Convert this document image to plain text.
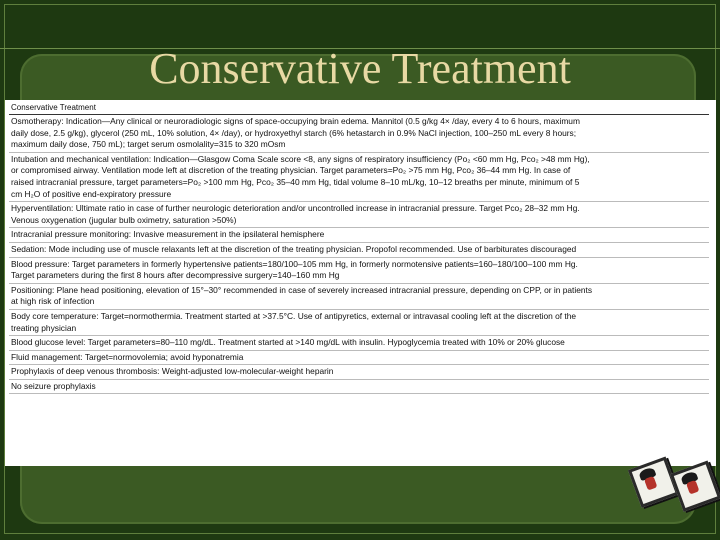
Conservative Treatment
Conservative Treatment
Osmotherapy: Indication—Any clinical or neuroradiologic signs of space-occupying brain edema. Mannitol (0.5 g/kg 4× /day, every 4 to 6 hours, maximum
daily dose, 2.5 g/kg), glycerol (250 mL, 10% solution, 4× /day), or hydroxyethyl starch (6% hetastarch in 0.9% NaCl injection, 100–250 mL every 8 hours;
maximum daily dose, 750 mL); target serum osmolality=315 to 320 mOsm
Intubation and mechanical ventilation: Indication—Glasgow Coma Scale score <8, any signs of respiratory insufficiency (Po₂ <60 mm Hg, Pco₂ >48 mm Hg),
or compromised airway. Ventilation mode left at discretion of the treating physician. Target parameters=Po₂ >75 mm Hg, Pco₂ 36–44 mm Hg. In case of
raised intracranial pressure, target parameters=Po₂ >100 mm Hg, Pco₂ 35–40 mm Hg, tidal volume 8–10 mL/kg, 10–12 breaths per minute, minimum of 5
cm H₂O of positive end-expiratory pressure
Hyperventilation: Ultimate ratio in case of further neurologic deterioration and/or uncontrolled increase in intracranial pressure. Target Pco₂ 28–32 mm Hg.
Venous oxygenation (jugular bulb oximetry, saturation >50%)
Intracranial pressure monitoring: Invasive measurement in the ipsilateral hemisphere
Sedation: Mode including use of muscle relaxants left at the discretion of the treating physician. Propofol recommended. Use of barbiturates discouraged
Blood pressure: Target parameters in formerly hypertensive patients=180/100–105 mm Hg, in formerly normotensive patients=160–180/100–100 mm Hg.
Target parameters during the first 8 hours after decompressive surgery=140–160 mm Hg
Positioning: Plane head positioning, elevation of 15°–30° recommended in case of severely increased intracranial pressure, depending on CPP, or in patients
at high risk of infection
Body core temperature: Target=normothermia. Treatment started at >37.5°C. Use of antipyretics, external or intravasal cooling left at the discretion of the
treating physician
Blood glucose level: Target parameters=80–110 mg/dL. Treatment started at >140 mg/dL with insulin. Hypoglycemia treated with 10% or 20% glucose
Fluid management: Target=normovolemia; avoid hyponatremia
Prophylaxis of deep venous thrombosis: Weight-adjusted low-molecular-weight heparin
No seizure prophylaxis
